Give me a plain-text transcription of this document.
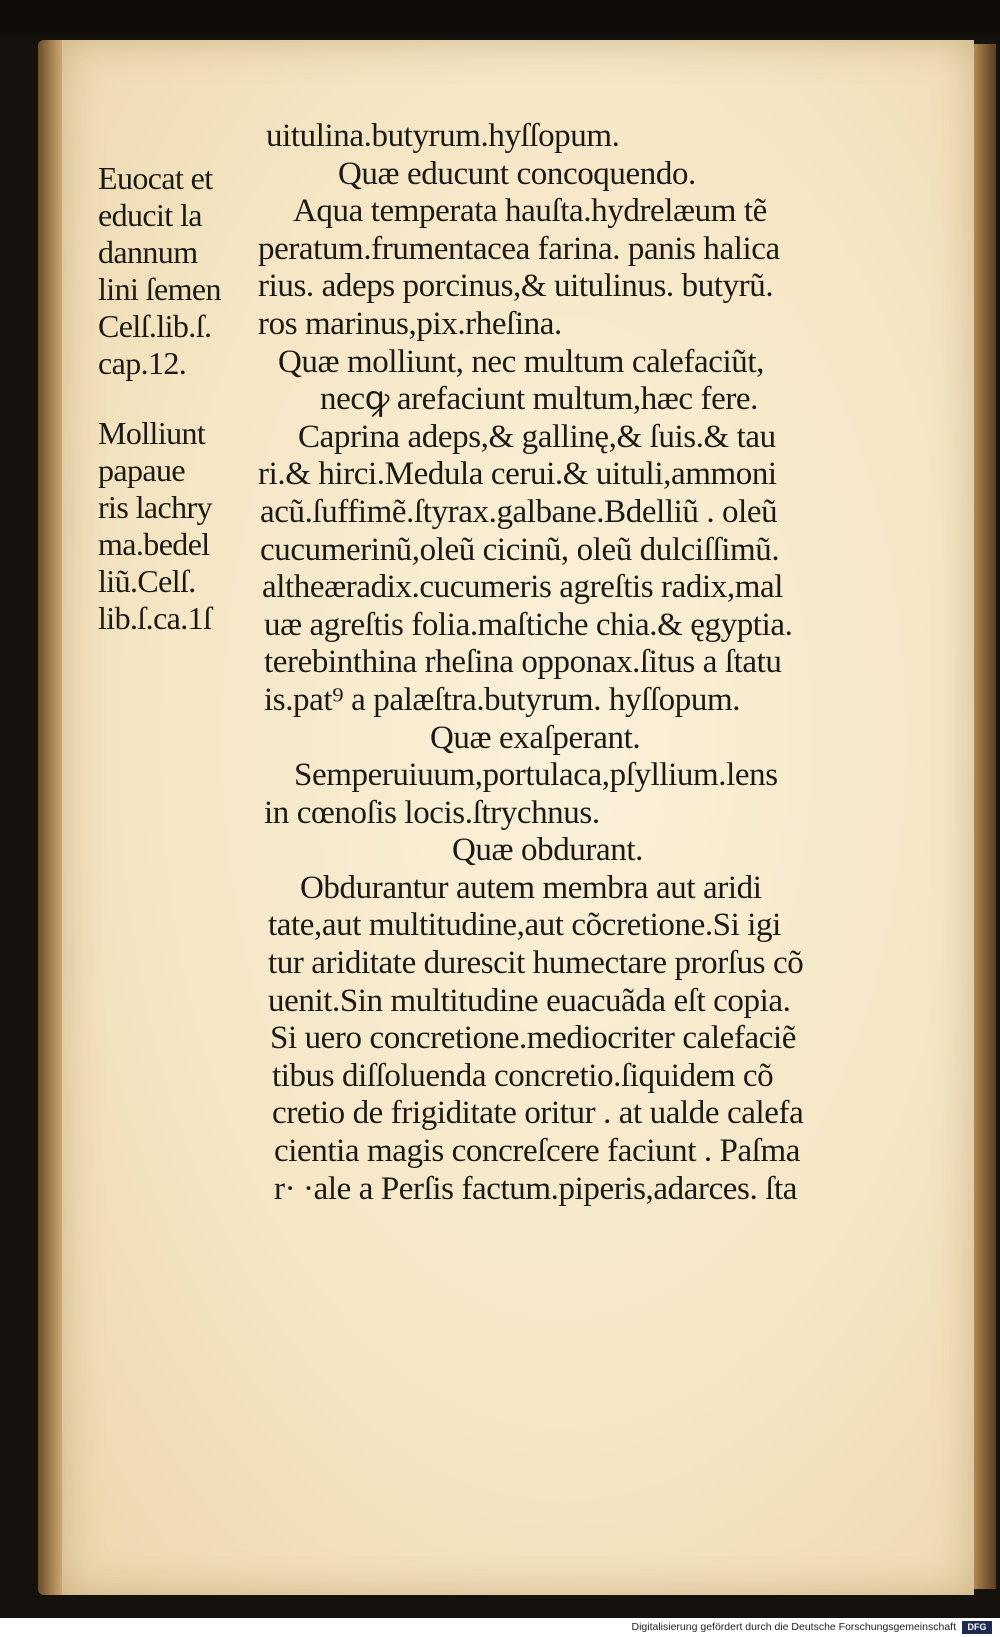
Euocat et
educit la
dannum
lini ſemen
Celſ.lib.ſ.
cap.12.
Molliunt
papaue
ris lachry
ma.bedel
liũ.Celſ.
lib.ſ.ca.1ſ
uitulina.butyrum.hyſſopum.
Quæ educunt concoquendo.
Aqua temperata hauſta.hydrelæum tẽ
peratum.frumentacea farina. panis halica
rius. adeps porcinus,& uitulinus. butyrũ.
ros marinus,pix.rheſina.
Quæ molliunt, nec multum calefaciũt,
necꝙ arefaciunt multum,hæc fere.
Caprina adeps,& gallinę,& ſuis.& tau
ri.& hirci.Medula cerui.& uituli,ammoni
acũ.ſuffimẽ.ſtyrax.galbane.Bdelliũ . oleũ
cucumerinũ,oleũ cicinũ, oleũ dulciſſimũ.
altheæradix.cucumeris agreſtis radix,mal
uæ agreſtis folia.maſtiche chia.& ęgyptia.
terebinthina rheſina opponax.ſitus a ſtatu
is.pat⁹ a palæſtra.butyrum. hyſſopum.
Quæ exaſperant.
Semperuiuum,portulaca,pſyllium.lens
in cœnoſis locis.ſtrychnus.
Quæ obdurant.
Obdurantur autem membra aut aridi
tate,aut multitudine,aut cõcretione.Si igi
tur ariditate durescit humectare prorſus cõ
uenit.Sin multitudine euacuãda eſt copia.
Si uero concretione.mediocriter calefaciẽ
tibus diſſoluenda concretio.ſiquidem cõ
cretio de frigiditate oritur . at ualde calefa
cientia magis concreſcere faciunt . Paſma
r· ·ale a Perſis factum.piperis,adarces. ſta
Digitalisierung gefördert durch die Deutsche Forschungsgemeinschaft	DFG
